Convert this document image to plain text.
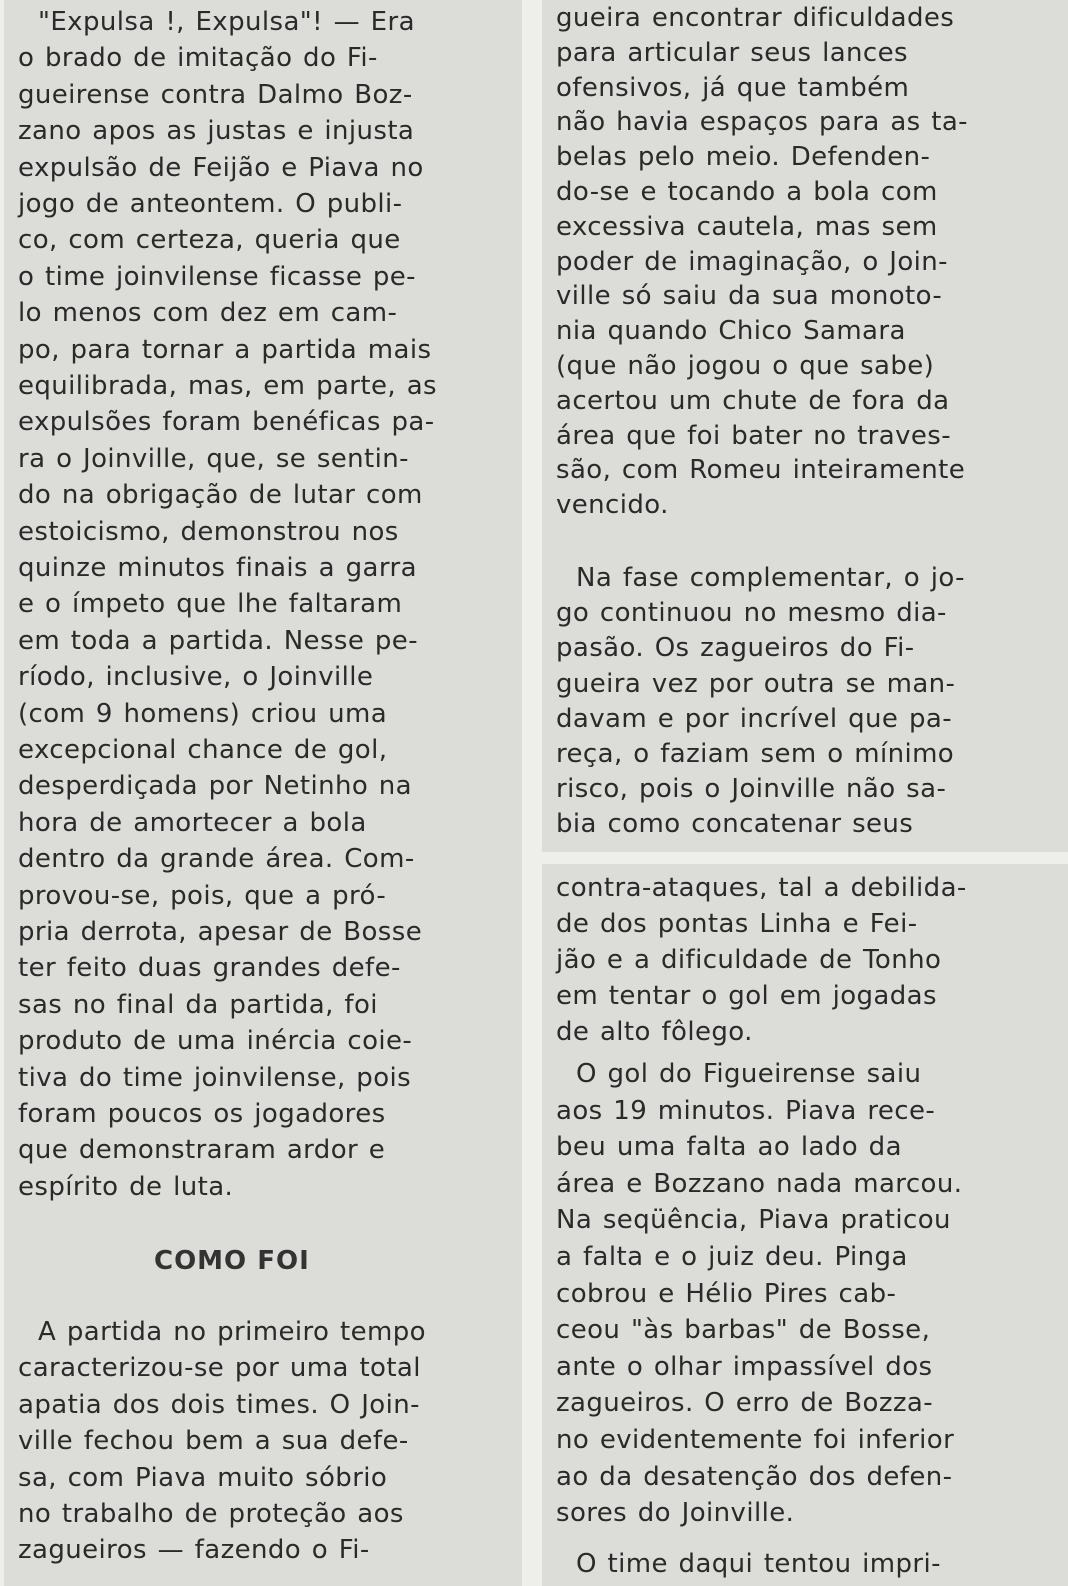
"Expulsa !, Expulsa"! — Era
o brado de imitação do Fi-
gueirense contra Dalmo Boz-
zano apos as justas e injusta
expulsão de Feijão e Piava no
jogo de anteontem. O publi-
co, com certeza, queria que
o time joinvilense ficasse pe-
lo menos com dez em cam-
po, para tornar a partida mais
equilibrada, mas, em parte, as
expulsões foram benéficas pa-
ra o Joinville, que, se sentin-
do na obrigação de lutar com
estoicismo, demonstrou nos
quinze minutos finais a garra
e o ímpeto que lhe faltaram
em toda a partida. Nesse pe-
ríodo, inclusive, o Joinville
(com 9 homens) criou uma
excepcional chance de gol,
desperdiçada por Netinho na
hora de amortecer a bola
dentro da grande área. Com-
provou-se, pois, que a pró-
pria derrota, apesar de Bosse
ter feito duas grandes defe-
sas no final da partida, foi
produto de uma inércia coie-
tiva do time joinvilense, pois
foram poucos os jogadores
que demonstraram ardor e
espírito de luta.
COMO FOI
A partida no primeiro tempo
caracterizou-se por uma total
apatia dos dois times. O Join-
ville fechou bem a sua defe-
sa, com Piava muito sóbrio
no trabalho de proteção aos
zagueiros — fazendo o Fi-
gueira encontrar dificuldades
para articular seus lances
ofensivos, já que também
não havia espaços para as ta-
belas pelo meio. Defenden-
do-se e tocando a bola com
excessiva cautela, mas sem
poder de imaginação, o Join-
ville só saiu da sua monoto-
nia quando Chico Samara
(que não jogou o que sabe)
acertou um chute de fora da
área que foi bater no traves-
são, com Romeu inteiramente
vencido.
Na fase complementar, o jo-
go continuou no mesmo dia-
pasão. Os zagueiros do Fi-
gueira vez por outra se man-
davam e por incrível que pa-
reça, o faziam sem o mínimo
risco, pois o Joinville não sa-
bia como concatenar seus
contra-ataques, tal a debilida-
de dos pontas Linha e Fei-
jão e a dificuldade de Tonho
em tentar o gol em jogadas
de alto fôlego.
O gol do Figueirense saiu
aos 19 minutos. Piava rece-
beu uma falta ao lado da
área e Bozzano nada marcou.
Na seqüência, Piava praticou
a falta e o juiz deu. Pinga
cobrou e Hélio Pires cab-
ceou "às barbas" de Bosse,
ante o olhar impassível dos
zagueiros. O erro de Bozza-
no evidentemente foi inferior
ao da desatenção dos defen-
sores do Joinville.
O time daqui tentou impri-
